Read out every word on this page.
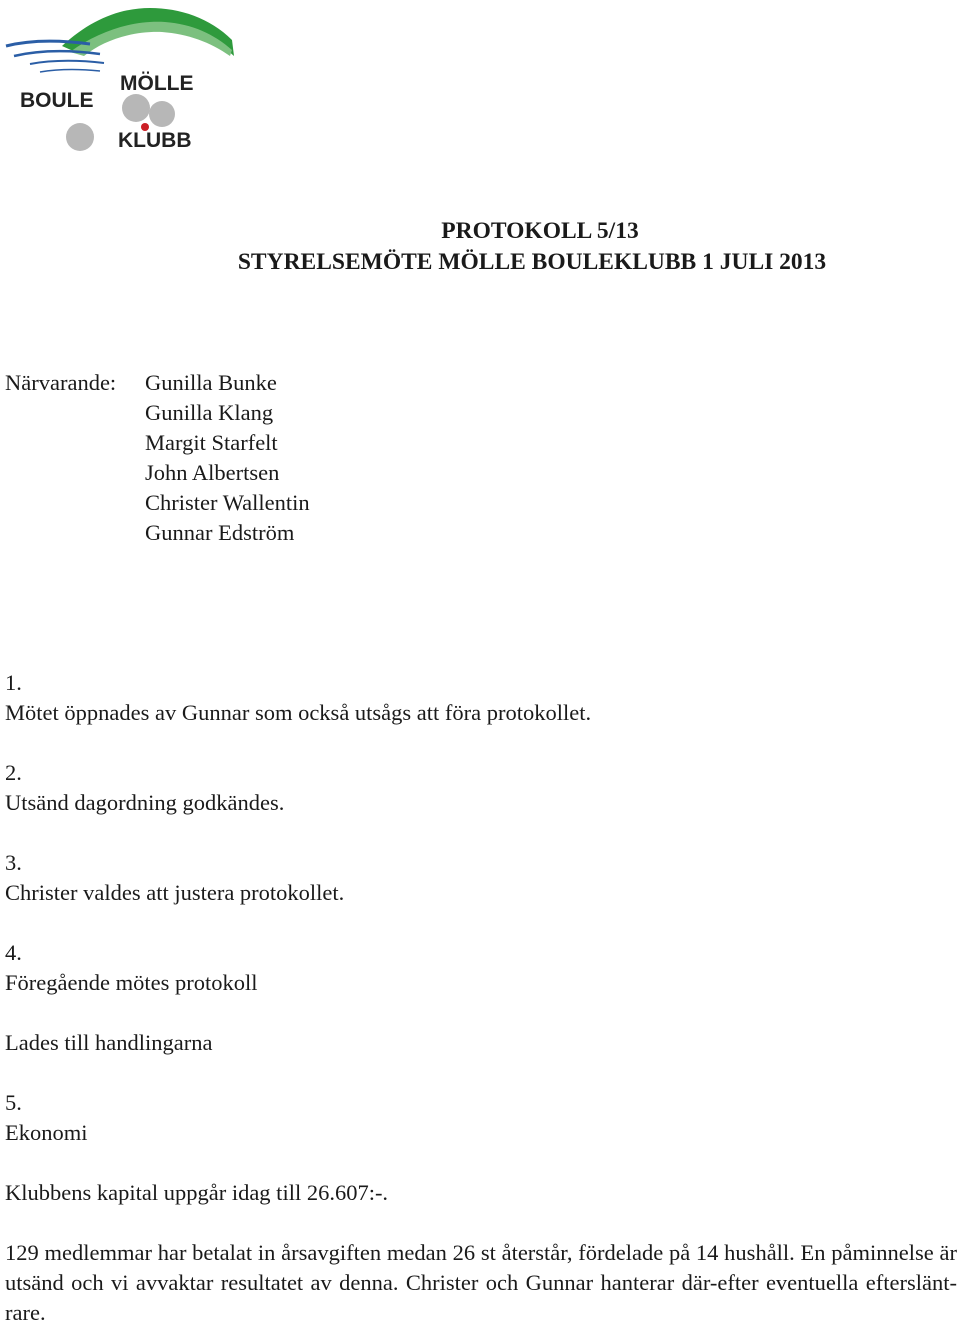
BOULE
MÖLLE
KLUBB
PROTOKOLL 5/13
STYRELSEMÖTE MÖLLE BOULEKLUBB 1 JULI 2013
Närvarande: Gunilla Bunke
Gunilla Klang
Margit Starfelt
John Albertsen
Christer Wallentin
Gunnar Edström
1.
Mötet öppnades av Gunnar som också utsågs att föra protokollet.
2.
Utsänd dagordning godkändes.
3.
Christer valdes att justera protokollet.
4.
Föregående mötes protokoll
Lades till handlingarna
5.
Ekonomi
Klubbens kapital uppgår idag till 26.607:-.
129 medlemmar har betalat in årsavgiften medan 26 st återstår, fördelade på 14 hushåll. En påminnelse är utsänd och vi avvaktar resultatet av denna. Christer och Gunnar hanterar där-efter eventuella eftersläntrare.
